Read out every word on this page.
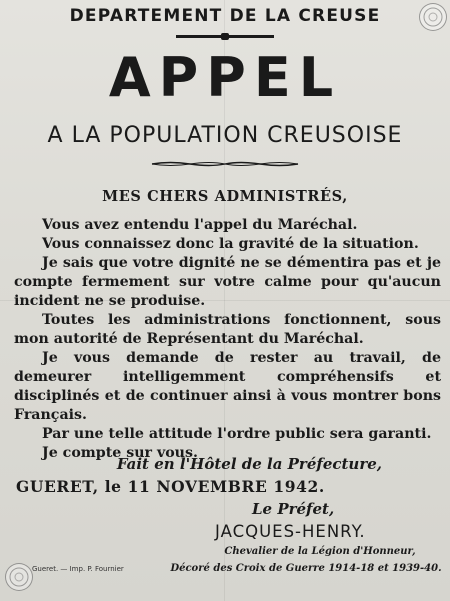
DEPARTEMENT DE LA CREUSE
APPEL
A LA POPULATION CREUSOISE
MES CHERS ADMINISTRÉS,

Vous avez entendu l'appel du Maréchal.

Vous connaissez donc la gravité de la situation.

Je sais que votre dignité ne se démentira pas et je compte fermement sur votre calme pour qu'aucun incident ne se produise.

Toutes les administrations fonctionnent, sous mon autorité de Représentant du Maréchal.

Je vous demande de rester au travail, de demeurer intelligemment compréhensifs et disciplinés et de continuer ainsi à vous montrer bons Français.

Par une telle attitude l'ordre public sera garanti.

Je compte sur vous.

Fait en l'Hôtel de la Préfecture,
GUERET, le 11 NOVEMBRE 1942.
Le Préfet,
JACQUES-HENRY.
Chevalier de la Légion d'Honneur,
Décoré des Croix de Guerre 1914-18 et 1939-40.
Gueret. — Imp. P. Fournier
